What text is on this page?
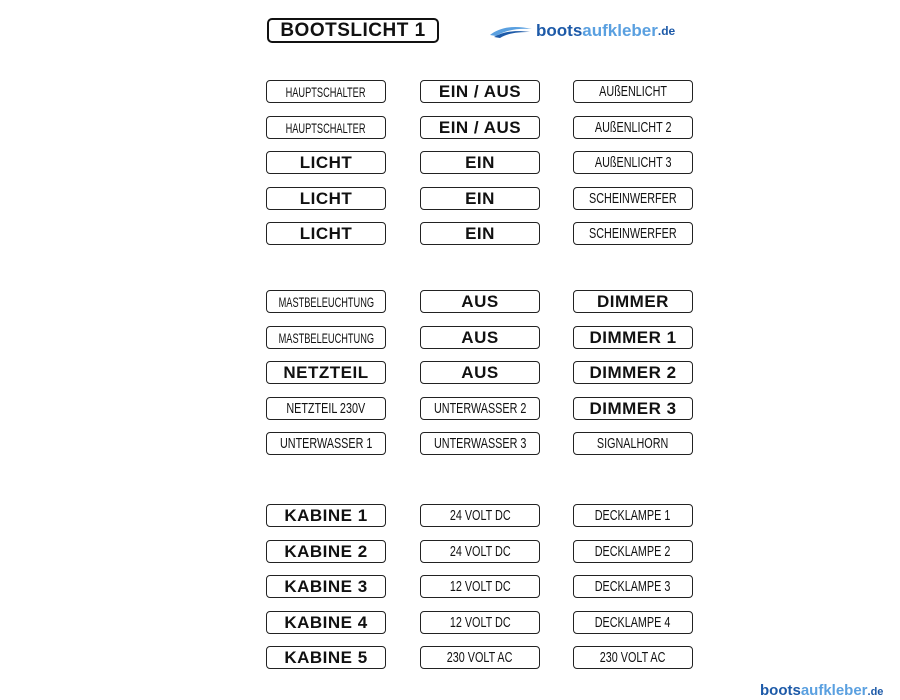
BOOTSLICHT 1	boots aufkleber .de
HAUPTSCHALTER	EIN / AUS	AUßENLICHT
HAUPTSCHALTER	EIN / AUS	AUßENLICHT 2
LICHT	EIN	AUßENLICHT 3
LICHT	EIN	SCHEINWERFER
LICHT	EIN	SCHEINWERFER
MASTBELEUCHTUNG	AUS	DIMMER
MASTBELEUCHTUNG	AUS	DIMMER 1
NETZTEIL	AUS	DIMMER 2
NETZTEIL 230V	UNTERWASSER 2	DIMMER 3
UNTERWASSER 1	UNTERWASSER 3	SIGNALHORN
KABINE 1	24 VOLT DC	DECKLAMPE 1
KABINE 2	24 VOLT DC	DECKLAMPE 2
KABINE 3	12 VOLT DC	DECKLAMPE 3
KABINE 4	12 VOLT DC	DECKLAMPE 4
KABINE 5	230 VOLT AC	230 VOLT AC
bootsaufkleber.de
